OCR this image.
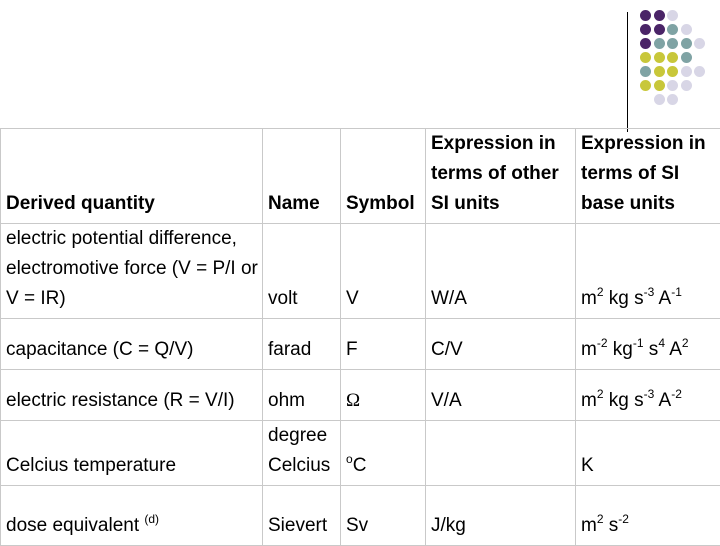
Derived quantity	Name	Symbol	Expression in terms of other SI units	Expression in terms of SI base units
electric potential difference, electromotive force (V = P/I or V = IR)	volt	V	W/A	$m^2$ kg $s^{-3}$ $A^{-1}$
capacitance (C = Q/V)	farad	F	C/V	$m^{-2}$ $kg^{-1}$ $s^4$ $A^2$
electric resistance (R = V/I)	ohm	Ω	V/A	$m^2$ kg $s^{-3}$ $A^{-2}$
Celcius temperature	degree Celcius	$^o$C		K
dose equivalent $^{(d)}$	Sievert	Sv	J/kg	$m^2$ $s^{-2}$
